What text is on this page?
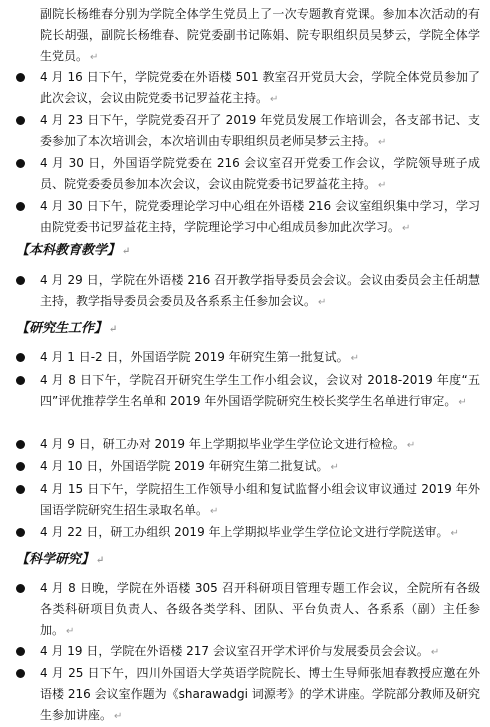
副院长杨维春分别为学院全体学生党员上了一次专题教育党课。参加本次活动的有院长胡强，副院长杨维春、院党委副书记陈娟、院专职组织员吴梦云，学院全体学生党员。 ↵
4 月 16 日下午，学院党委在外语楼 501 教室召开党员大会，学院全体党员参加了此次会议，会议由院党委书记罗益花主持。 ↵
4 月 23 日下午，学院党委召开了 2019 年党员发展工作培训会，各支部书记、支委参加了本次培训会，本次培训由专职组织员老师吴梦云主持。 ↵
4 月 30 日，外国语学院党委在 216 会议室召开党委工作会议，学院领导班子成员、院党委委员参加本次会议，会议由院党委书记罗益花主持。 ↵
4 月 30 日下午，院党委理论学习中心组在外语楼 216 会议室组织集中学习，学习由院党委书记罗益花主持，学院理论学习中心组成员参加此次学习。 ↵
【本科教育教学】 ↵
4 月 29 日，学院在外语楼 216 召开教学指导委员会会议。会议由委员会主任胡慧主持，教学指导委员会委员及各系系主任参加会议。 ↵
【研究生工作】 ↵
4 月 1 日-2 日，外国语学院 2019 年研究生第一批复试。 ↵
4 月 8 日下午，学院召开研究生学生工作小组会议，会议对 2018-2019 年度“五四”评优推荐学生名单和 2019 年外国语学院研究生校长奖学生名单进行审定。 ↵
4 月 9 日，研工办对 2019 年上学期拟毕业学生学位论文进行检检。 ↵
4 月 10 日，外国语学院 2019 年研究生第二批复试。 ↵
4 月 15 日下午，学院招生工作领导小组和复试监督小组会议审议通过 2019 年外国语学院研究生招生录取名单。 ↵
4 月 22 日，研工办组织 2019 年上学期拟毕业学生学位论文进行学院送审。 ↵
【科学研究】 ↵
4 月 8 日晚，学院在外语楼 305 召开科研项目管理专题工作会议，全院所有各级各类科研项目负责人、各级各类学科、团队、平台负责人、各系系（副）主任参加。 ↵
4 月 19 日，学院在外语楼 217 会议室召开学术评价与发展委员会会议。 ↵
4 月 25 日下午，四川外国语大学英语学院院长、博士生导师张旭春教授应邀在外语楼 216 会议室作题为《sharawadgi 词源考》的学术讲座。学院部分教师及研究生参加讲座。 ↵
